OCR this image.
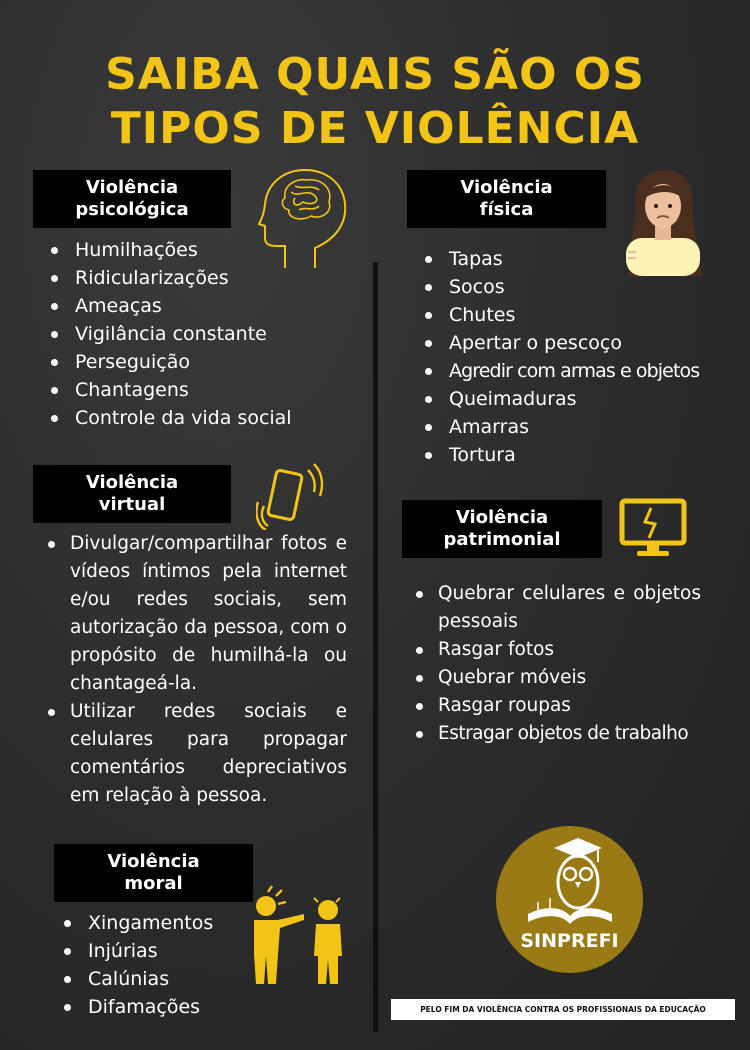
SAIBA QUAIS SÃO OS
TIPOS DE VIOLÊNCIA
Violência
psicológica
Humilhações
Ridicularizações
Ameaças
Vigilância constante
Perseguição
Chantagens
Controle da vida social
Violência
física
Tapas
Socos
Chutes
Apertar o pescoço
Agredir com armas e objetos
Queimaduras
Amarras
Tortura
Violência
virtual
Divulgar/compartilhar fotos e vídeos íntimos pela internet e/ou redes sociais, sem autorização da pessoa, com o propósito de humilhá-la ou chantageá-la.
Utilizar redes sociais e celulares para propagar comentários depreciativos em relação à pessoa.
Violência
patrimonial
Quebrar celulares e objetos pessoais
Rasgar fotos
Quebrar móveis
Rasgar roupas
Estragar objetos de trabalho
Violência
moral
Xingamentos
Injúrias
Calúnias
Difamações
SINPREFI
PELO FIM DA VIOLÊNCIA CONTRA OS PROFISSIONAIS DA EDUCAÇÃO
